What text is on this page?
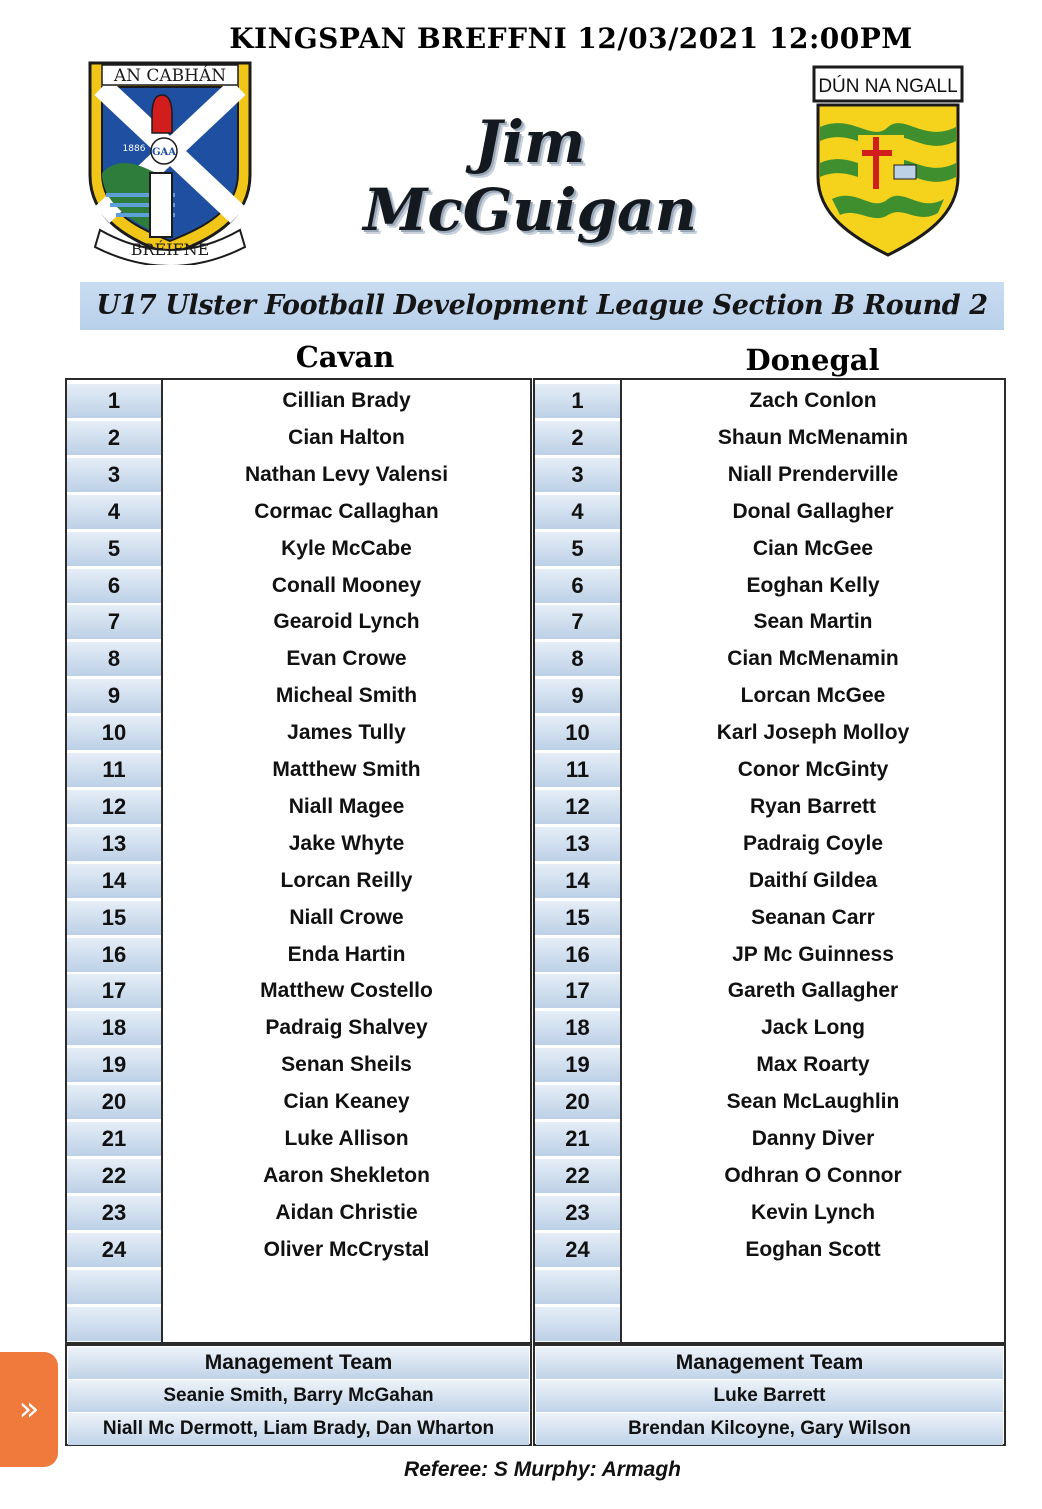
KINGSPAN BREFFNI 12/03/2021 12:00PM
AN CABHÁN
GAA
1886
BRÉIFNE
DÚN NA NGALL
Jim McGuigan
U17 Ulster Football Development League Section B Round 2
Cavan	Donegal
1	Cillian Brady
2	Cian Halton
3	Nathan Levy Valensi
4	Cormac Callaghan
5	Kyle McCabe
6	Conall Mooney
7	Gearoid Lynch
8	Evan Crowe
9	Micheal Smith
10	James Tully
11	Matthew Smith
12	Niall Magee
13	Jake Whyte
14	Lorcan Reilly
15	Niall Crowe
16	Enda Hartin
17	Matthew Costello
18	Padraig Shalvey
19	Senan Sheils
20	Cian Keaney
21	Luke Allison
22	Aaron Shekleton
23	Aidan Christie
24	Oliver McCrystal
1	Zach Conlon
2	Shaun McMenamin
3	Niall Prenderville
4	Donal Gallagher
5	Cian McGee
6	Eoghan Kelly
7	Sean Martin
8	Cian McMenamin
9	Lorcan McGee
10	Karl Joseph Molloy
11	Conor McGinty
12	Ryan Barrett
13	Padraig Coyle
14	Daithí Gildea
15	Seanan Carr
16	JP Mc Guinness
17	Gareth Gallagher
18	Jack Long
19	Max Roarty
20	Sean McLaughlin
21	Danny Diver
22	Odhran O Connor
23	Kevin Lynch
24	Eoghan Scott
Management Team
Seanie Smith, Barry McGahan
Niall Mc Dermott, Liam Brady, Dan Wharton
Management Team
Luke Barrett
Brendan Kilcoyne, Gary Wilson
Referee: S Murphy: Armagh
»
